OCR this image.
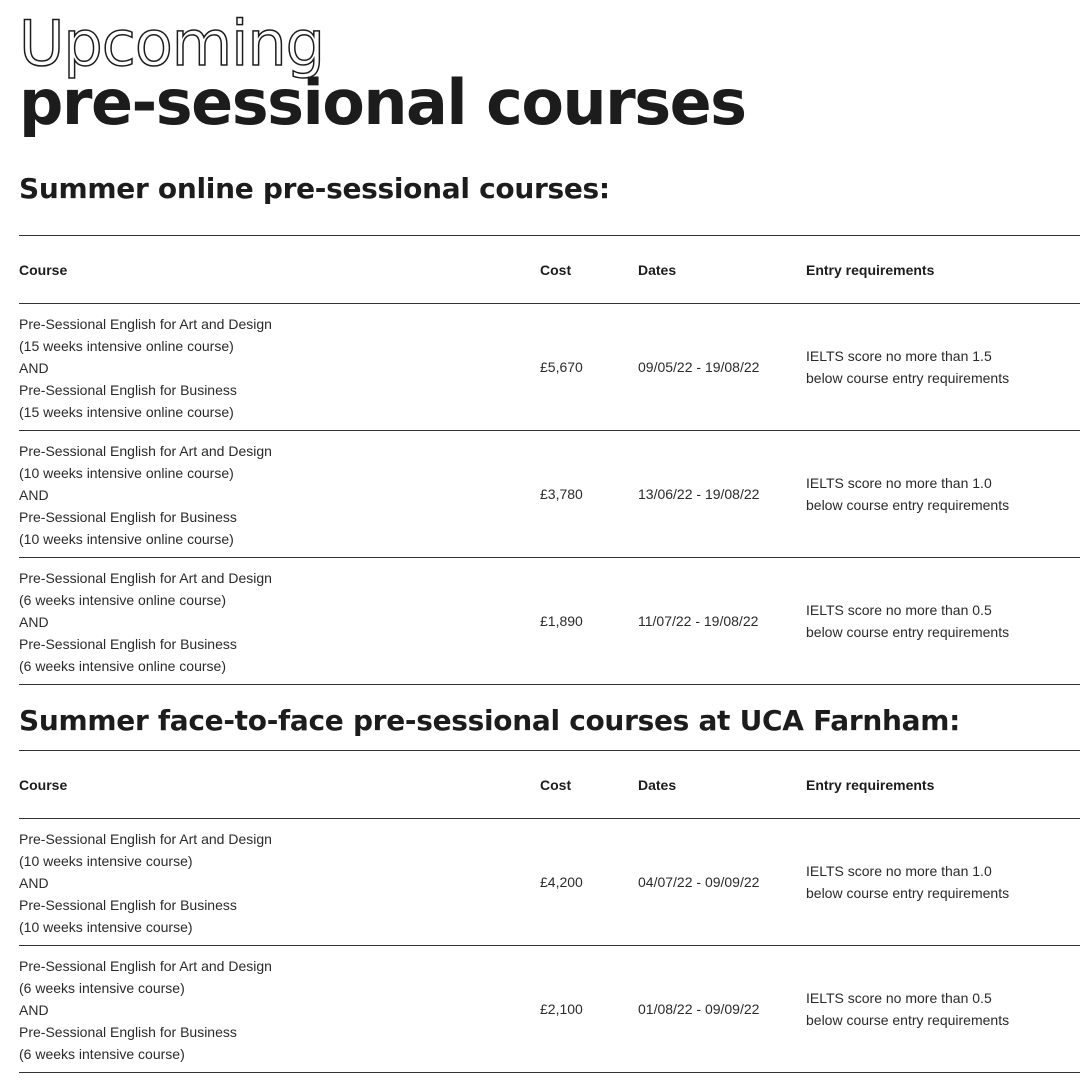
Upcoming
pre-sessional courses
Summer online pre-sessional courses:
Course	Cost	Dates	Entry requirements

Pre-Sessional English for Art and Design
(15 weeks intensive online course)
AND
Pre-Sessional English for Business
(15 weeks intensive online course)	£5,670	09/05/22 - 19/08/22	IELTS score no more than 1.5
below course entry requirements

Pre-Sessional English for Art and Design
(10 weeks intensive online course)
AND
Pre-Sessional English for Business
(10 weeks intensive online course)	£3,780	13/06/22 - 19/08/22	IELTS score no more than 1.0
below course entry requirements

Pre-Sessional English for Art and Design
(6 weeks intensive online course)
AND
Pre-Sessional English for Business
(6 weeks intensive online course)	£1,890	11/07/22 - 19/08/22	IELTS score no more than 0.5
below course entry requirements
Summer face-to-face pre-sessional courses at UCA Farnham:
Course	Cost	Dates	Entry requirements

Pre-Sessional English for Art and Design
(10 weeks intensive course)
AND
Pre-Sessional English for Business
(10 weeks intensive course)	£4,200	04/07/22 - 09/09/22	IELTS score no more than 1.0
below course entry requirements

Pre-Sessional English for Art and Design
(6 weeks intensive course)
AND
Pre-Sessional English for Business
(6 weeks intensive course)	£2,100	01/08/22 - 09/09/22	IELTS score no more than 0.5
below course entry requirements
